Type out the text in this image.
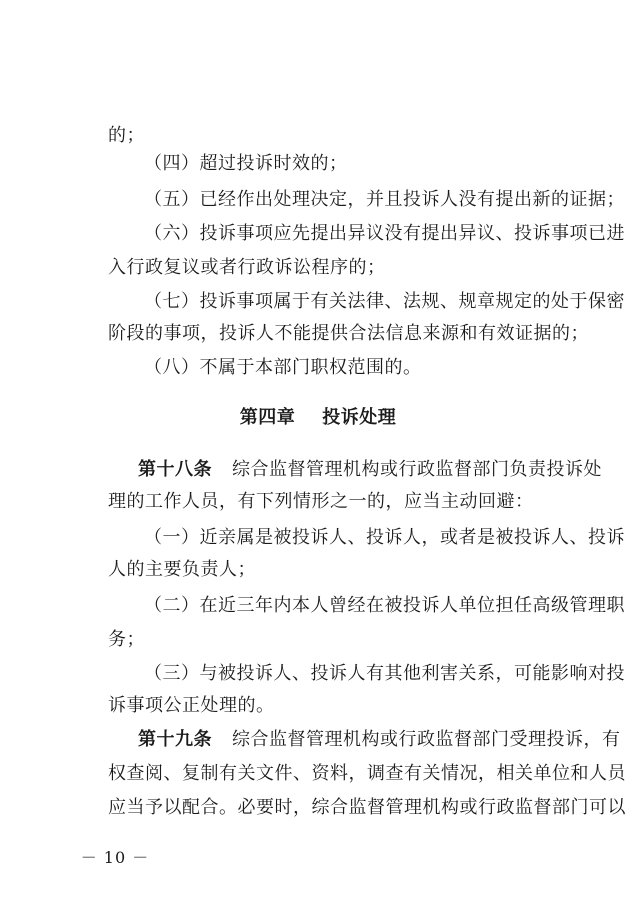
的；
（四）超过投诉时效的；
（五）已经作出处理决定，并且投诉人没有提出新的证据；
（六）投诉事项应先提出异议没有提出异议、投诉事项已进
入行政复议或者行政诉讼程序的；
（七）投诉事项属于有关法律、法规、规章规定的处于保密
阶段的事项，投诉人不能提供合法信息来源和有效证据的；
（八）不属于本部门职权范围的。
第四章    投诉处理
第十八条 综合监督管理机构或行政监督部门负责投诉处
理的工作人员，有下列情形之一的，应当主动回避：
（一）近亲属是被投诉人、投诉人，或者是被投诉人、投诉
人的主要负责人；
（二）在近三年内本人曾经在被投诉人单位担任高级管理职
务；
（三）与被投诉人、投诉人有其他利害关系，可能影响对投
诉事项公正处理的。
第十九条 综合监督管理机构或行政监督部门受理投诉，有
权查阅、复制有关文件、资料，调查有关情况，相关单位和人员
应当予以配合。必要时，综合监督管理机构或行政监督部门可以
－ 10 －
